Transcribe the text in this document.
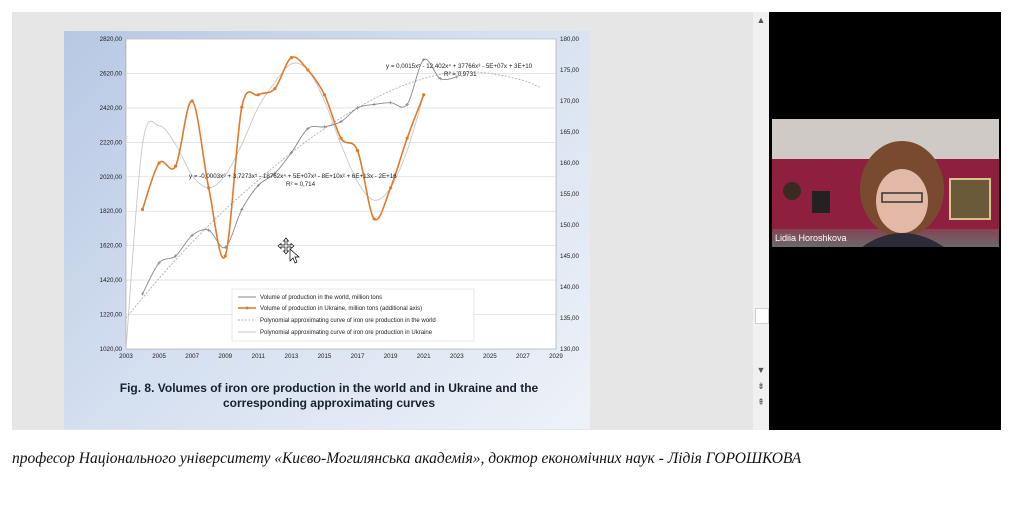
1020,00
1220,00
1420,00
1620,00
1820,00
2020,00
2220,00
2420,00
2620,00
2820,00
130,00
135,00
140,00
145,00
150,00
155,00
160,00
165,00
170,00
175,00
180,00
2003	2005	2007	2009	2011	2013	2015	2017	2019	2021	2023	2025	2027	2029
y = 0,0015x⁵ - 12,402x⁴ + 37766x³ - 5E+07x + 3E+10
R² = 0,9731
y = -0,0003x⁶ + 3,7273x⁵ - 18762x⁴ + 5E+07x³ - 8E+10x² + 6E+13x - 2E+16
R² = 0,714
Volume of production in the world, million tons
Volume of production in Ukraine, million tons (additional axis)
Polynomial approximating curve of iron ore production in the world
Polynomial approximating curve of iron ore production in Ukraine
Fig. 8. Volumes of iron ore production in the world and in Ukraine and the corresponding approximating curves
▲
▼
⇟
⇞
Lidiia Horoshkova
професор Національного університету «Києво-Могилянська академія», доктор економічних наук - Лідія ГОРОШКОВА
